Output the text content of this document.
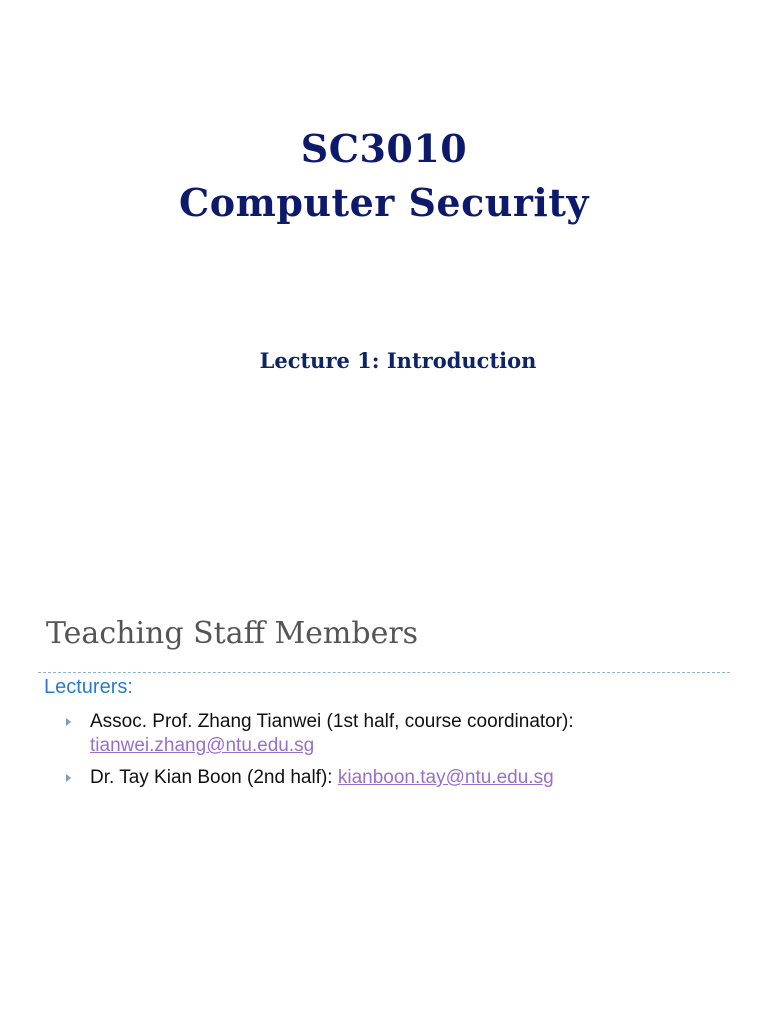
SC3010
Computer Security
Lecture 1: Introduction
Teaching Staff Members
Lecturers:
Assoc. Prof. Zhang Tianwei (1st half, course coordinator):
tianwei.zhang@ntu.edu.sg
Dr. Tay Kian Boon (2nd half): kianboon.tay@ntu.edu.sg
